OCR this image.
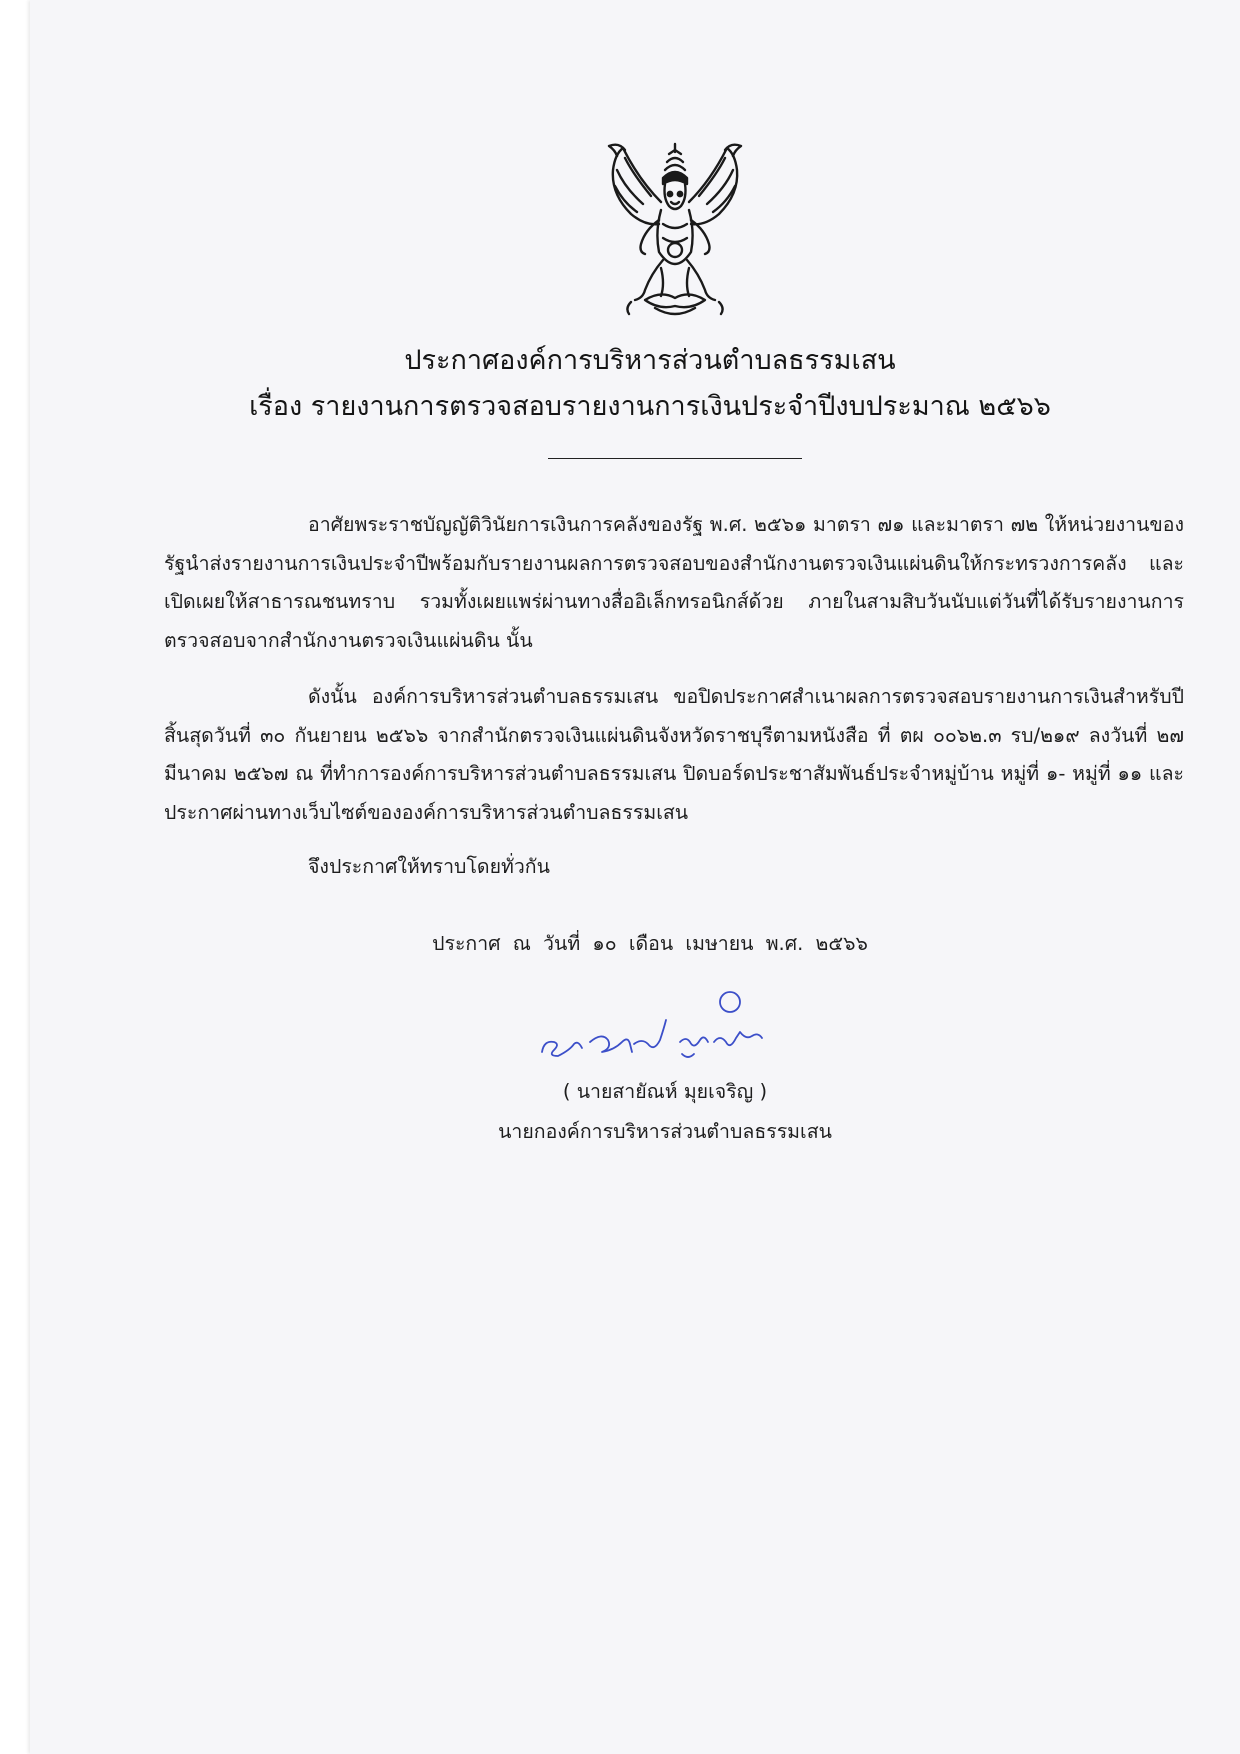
ประกาศองค์การบริหารส่วนตำบลธรรมเสน
เรื่อง รายงานการตรวจสอบรายงานการเงินประจำปีงบประมาณ ๒๕๖๖
อาศัยพระราชบัญญัติวินัยการเงินการคลังของรัฐ พ.ศ. ๒๕๖๑ มาตรา ๗๑ และมาตรา ๗๒ ให้หน่วยงานของรัฐนำส่งรายงานการเงินประจำปีพร้อมกับรายงานผลการตรวจสอบของสำนักงานตรวจเงินแผ่นดินให้กระทรวงการคลัง และเปิดเผยให้สาธารณชนทราบ รวมทั้งเผยแพร่ผ่านทางสื่ออิเล็กทรอนิกส์ด้วย ภายในสามสิบวันนับแต่วันที่ได้รับรายงานการตรวจสอบจากสำนักงานตรวจเงินแผ่นดิน นั้น
ดังนั้น องค์การบริหารส่วนตำบลธรรมเสน ขอปิดประกาศสำเนาผลการตรวจสอบรายงานการเงินสำหรับปีสิ้นสุดวันที่ ๓๐ กันยายน ๒๕๖๖ จากสำนักตรวจเงินแผ่นดินจังหวัดราชบุรีตามหนังสือ ที่ ตผ ๐๐๖๒.๓ รบ/๒๑๙ ลงวันที่ ๒๗ มีนาคม ๒๕๖๗ ณ ที่ทำการองค์การบริหารส่วนตำบลธรรมเสน ปิดบอร์ดประชาสัมพันธ์ประจำหมู่บ้าน หมู่ที่ ๑- หมู่ที่ ๑๑ และประกาศผ่านทางเว็บไซต์ขององค์การบริหารส่วนตำบลธรรมเสน
จึงประกาศให้ทราบโดยทั่วกัน
ประกาศ ณ วันที่ ๑๐ เดือน เมษายน พ.ศ. ๒๕๖๖
( นายสายัณห์ มุยเจริญ )
นายกองค์การบริหารส่วนตำบลธรรมเสน
